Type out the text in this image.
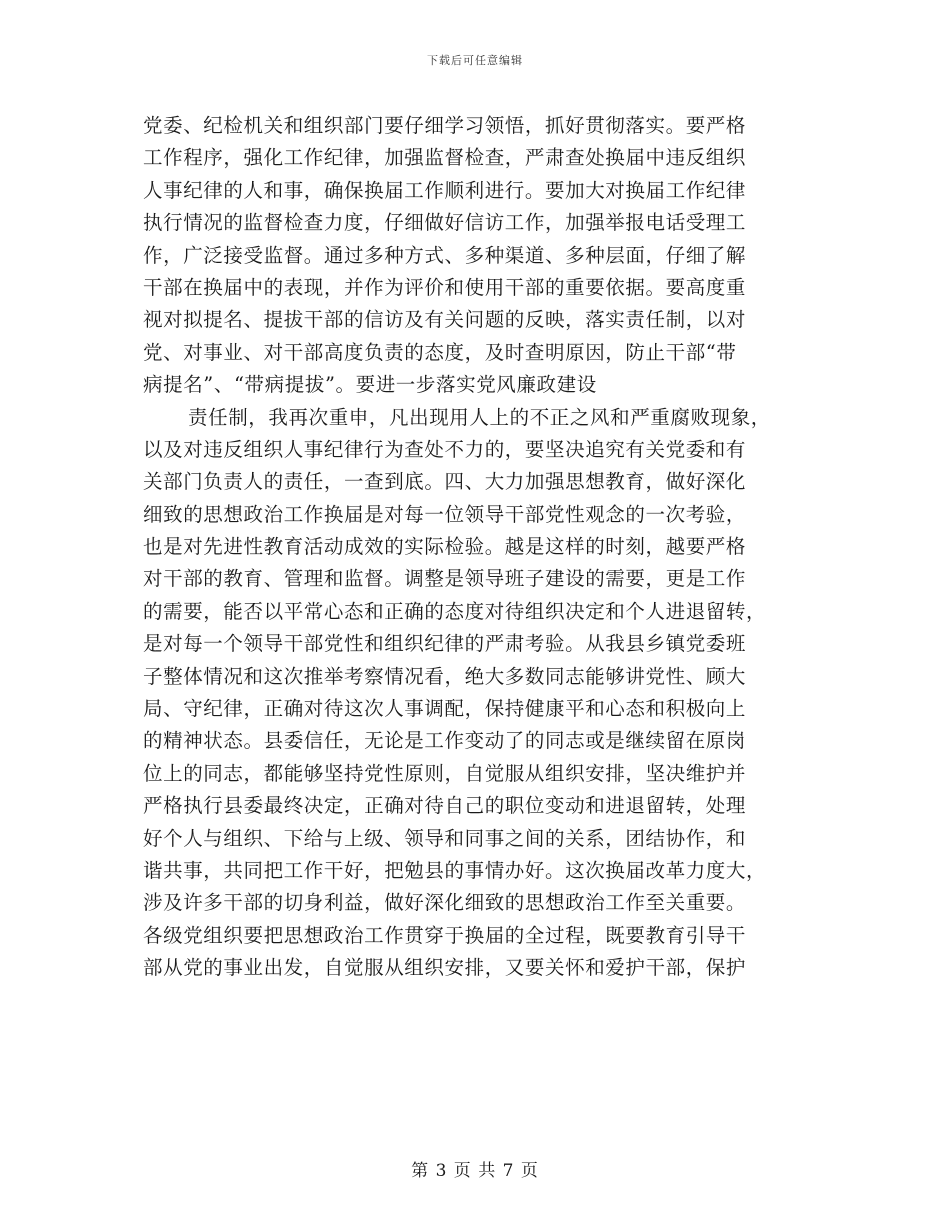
下载后可任意编辑
党委、纪检机关和组织部门要仔细学习领悟，抓好贯彻落实。要严格
工作程序，强化工作纪律，加强监督检查，严肃查处换届中违反组织
人事纪律的人和事，确保换届工作顺利进行。要加大对换届工作纪律
执行情况的监督检查力度，仔细做好信访工作，加强举报电话受理工
作，广泛接受监督。通过多种方式、多种渠道、多种层面，仔细了解
干部在换届中的表现，并作为评价和使用干部的重要依据。要高度重
视对拟提名、提拔干部的信访及有关问题的反映，落实责任制，以对
党、对事业、对干部高度负责的态度，及时查明原因，防止干部“带
病提名”、“带病提拔”。要进一步落实党风廉政建设
责任制，我再次重申，凡出现用人上的不正之风和严重腐败现象，
以及对违反组织人事纪律行为查处不力的，要坚决追究有关党委和有
关部门负责人的责任，一查到底。四、大力加强思想教育，做好深化
细致的思想政治工作换届是对每一位领导干部党性观念的一次考验，
也是对先进性教育活动成效的实际检验。越是这样的时刻，越要严格
对干部的教育、管理和监督。调整是领导班子建设的需要，更是工作
的需要，能否以平常心态和正确的态度对待组织决定和个人进退留转，
是对每一个领导干部党性和组织纪律的严肃考验。从我县乡镇党委班
子整体情况和这次推举考察情况看，绝大多数同志能够讲党性、顾大
局、守纪律，正确对待这次人事调配，保持健康平和心态和积极向上
的精神状态。县委信任，无论是工作变动了的同志或是继续留在原岗
位上的同志，都能够坚持党性原则，自觉服从组织安排，坚决维护并
严格执行县委最终决定，正确对待自己的职位变动和进退留转，处理
好个人与组织、下给与上级、领导和同事之间的关系，团结协作，和
谐共事，共同把工作干好，把勉县的事情办好。这次换届改革力度大，
涉及许多干部的切身利益，做好深化细致的思想政治工作至关重要。
各级党组织要把思想政治工作贯穿于换届的全过程，既要教育引导干
部从党的事业出发，自觉服从组织安排，又要关怀和爱护干部，保护
第 3 页 共 7 页
